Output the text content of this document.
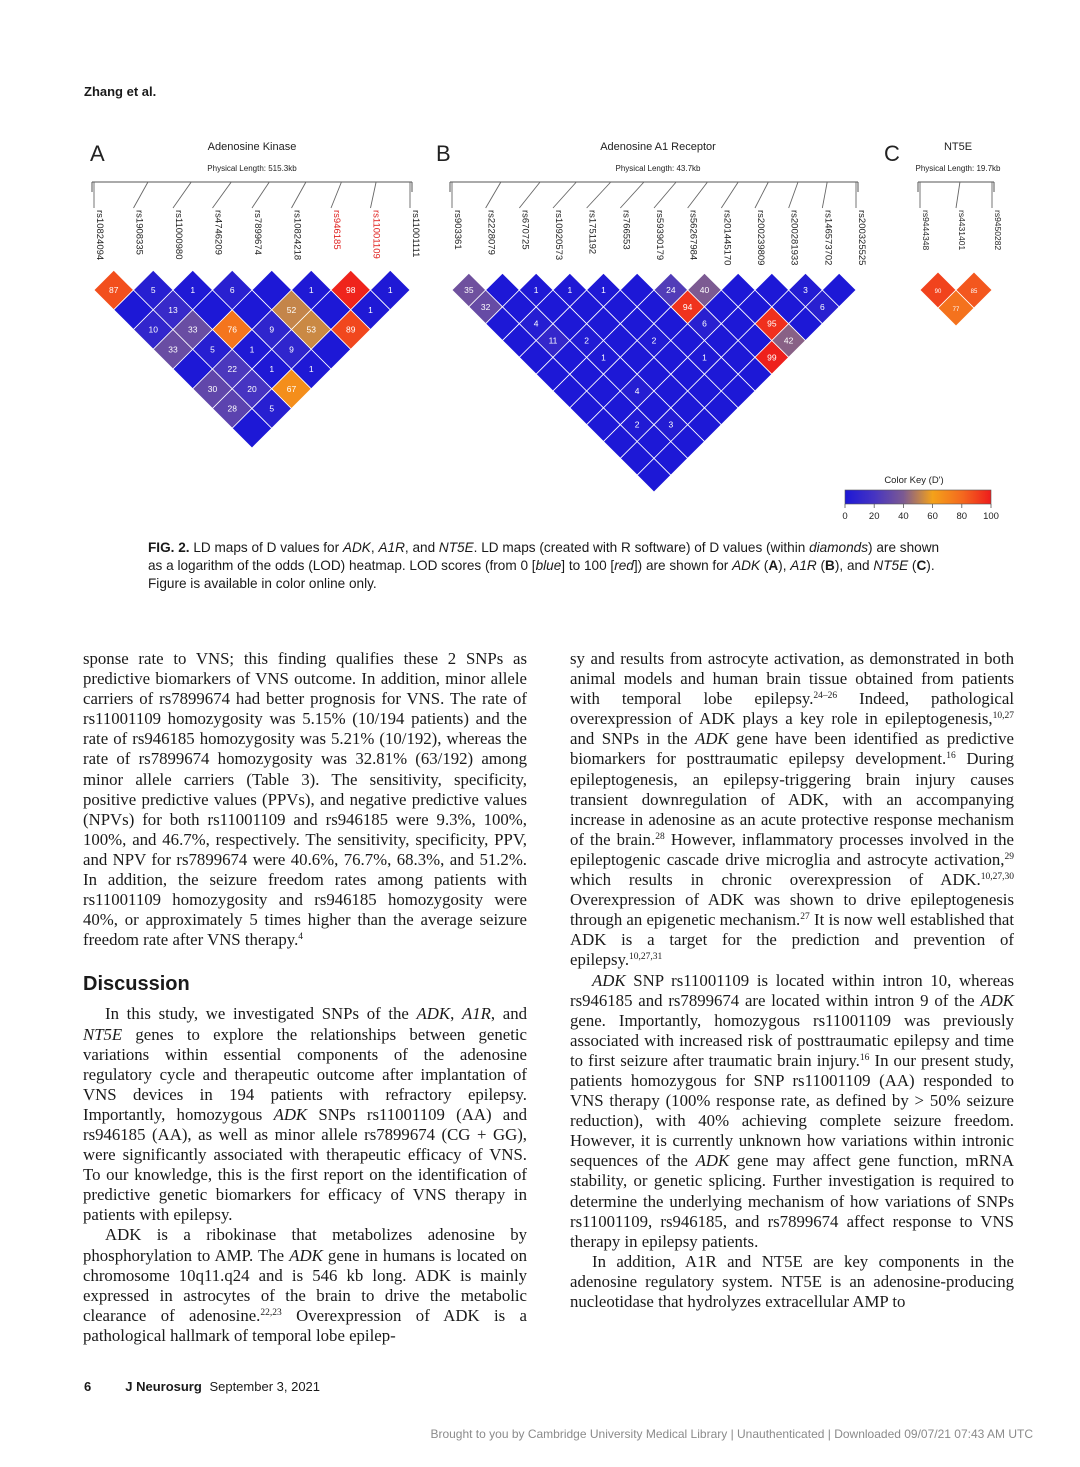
Zhang et al.
A	Adenosine Kinase
Physical Length: 515.3kb
rs10824094	rs1908335	rs11000980	rs4746209	rs7899674	rs10824218	rs946185	rs11001109	rs11001111
87
10
33
30
28
5
13
33
5
22
20
5
1
76
1
1
67
6
9
9
1
52
53
1
89
98
1
1
B	Adenosine A1 Receptor
Physical Length: 43.7kb
rs903361 rs2228079 rs670725 rs10920573 rs1751192 rs766553 rs59390179 rs56267984 rs201445170 rs200239809 rs200281933 rs146573702 rs200325525
35
32
4
11
2
1
2
1
4
3
1	1
2
1
24
94
6
40
99
95
42
3
6
C	NT5E
Physical Length: 19.7kb
rs9444348	rs4431401	rs9450282
90
77
85
Color Key (D')
0 20 40 60 80 100
FIG. 2. LD maps of D values for ADK, A1R, and NT5E. LD maps (created with R software) of D values (within diamonds) are shown as a logarithm of the odds (LOD) heatmap. LOD scores (from 0 [blue] to 100 [red]) are shown for ADK (A), A1R (B), and NT5E (C). Figure is available in color online only.

sponse rate to VNS; this finding qualifies these 2 SNPs as predictive biomarkers of VNS outcome. In addition, minor allele carriers of rs7899674 had better prognosis for VNS. The rate of rs11001109 homozygosity was 5.15% (10/194 patients) and the rate of rs946185 homozygosity was 5.21% (10/192), whereas the rate of rs7899674 homozygosity was 32.81% (63/192) among minor allele carriers (Table 3). The sensitivity, specificity, positive predictive values (PPVs), and negative predictive values (NPVs) for both rs11001109 and rs946185 were 9.3%, 100%, 100%, and 46.7%, respectively. The sensitivity, specificity, PPV, and NPV for rs7899674 were 40.6%, 76.7%, 68.3%, and 51.2%. In addition, the seizure freedom rates among patients with rs11001109 homozygosity and rs946185 homozygosity were 40%, or approximately 5 times higher than the average seizure freedom rate after VNS therapy.$^4$

Discussion

In this study, we investigated SNPs of the ADK, A1R, and NT5E genes to explore the relationships between genetic variations within essential components of the adenosine regulatory cycle and therapeutic outcome after implantation of VNS devices in 194 patients with refractory epilepsy. Importantly, homozygous ADK SNPs rs11001109 (AA) and rs946185 (AA), as well as minor allele rs7899674 (CG + GG), were significantly associated with therapeutic efficacy of VNS. To our knowledge, this is the first report on the identification of predictive genetic biomarkers for efficacy of VNS therapy in patients with epilepsy.

ADK is a ribokinase that metabolizes adenosine by phosphorylation to AMP. The ADK gene in humans is located on chromosome 10q11.q24 and is 546 kb long. ADK is mainly expressed in astrocytes of the brain to drive the metabolic clearance of adenosine.$^{22,23}$ Overexpression of ADK is a pathological hallmark of temporal lobe epilep-

sy and results from astrocyte activation, as demonstrated in both animal models and human brain tissue obtained from patients with temporal lobe epilepsy.$^{24-26}$ Indeed, pathological overexpression of ADK plays a key role in epileptogenesis,$^{10,27}$ and SNPs in the ADK gene have been identified as predictive biomarkers for posttraumatic epilepsy development.$^{16}$ During epileptogenesis, an epilepsy-triggering brain injury causes transient downregulation of ADK, with an accompanying increase in adenosine as an acute protective response mechanism of the brain.$^{28}$ However, inflammatory processes involved in the epileptogenic cascade drive microglia and astrocyte activation,$^{29}$ which results in chronic overexpression of ADK.$^{10,27,30}$ Overexpression of ADK was shown to drive epileptogenesis through an epigenetic mechanism.$^{27}$ It is now well established that ADK is a target for the prediction and prevention of epilepsy.$^{10,27,31}$

ADK SNP rs11001109 is located within intron 10, whereas rs946185 and rs7899674 are located within intron 9 of the ADK gene. Importantly, homozygous rs11001109 was previously associated with increased risk of posttraumatic epilepsy and time to first seizure after traumatic brain injury.$^{16}$ In our present study, patients homozygous for SNP rs11001109 (AA) responded to VNS therapy (100% response rate, as defined by > 50% seizure reduction), with 40% achieving complete seizure freedom. However, it is currently unknown how variations within intronic sequences of the ADK gene may affect gene function, mRNA stability, or genetic splicing. Further investigation is required to determine the underlying mechanism of how variations of SNPs rs11001109, rs946185, and rs7899674 affect response to VNS therapy in epilepsy patients.

In addition, A1R and NT5E are key components in the adenosine regulatory system. NT5E is an adenosine-producing nucleotidase that hydrolyzes extracellular AMP to

6	J Neurosurg September 3, 2021
Brought to you by Cambridge University Medical Library | Unauthenticated | Downloaded 09/07/21 07:43 AM UTC
